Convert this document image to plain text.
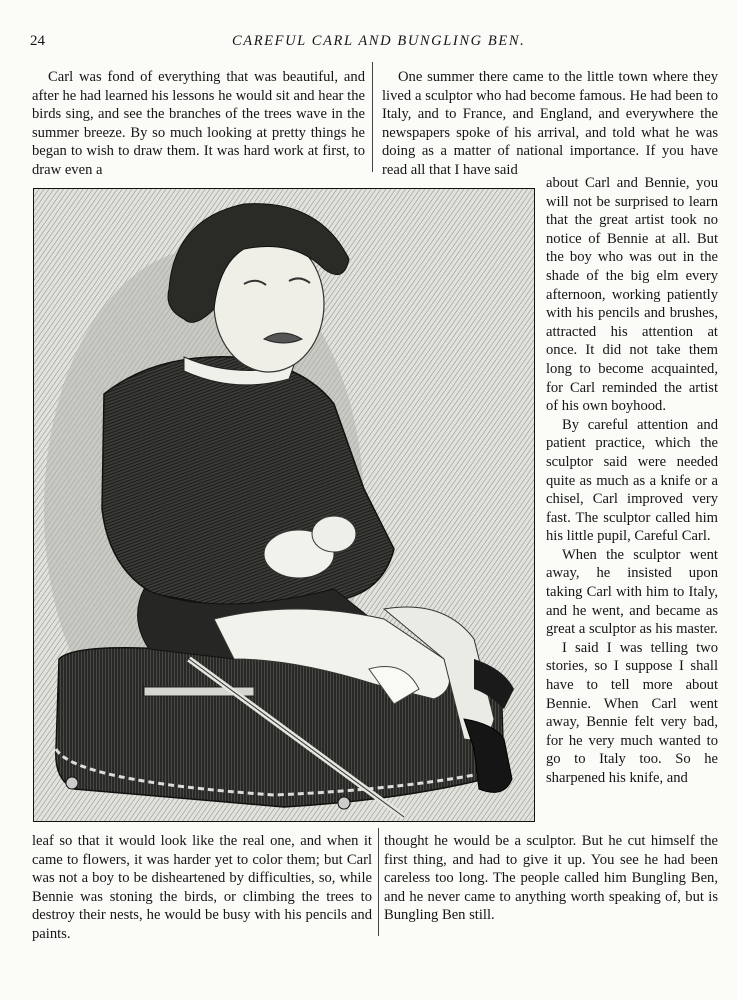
24	CAREFUL CARL AND BUNGLING BEN.

Carl was fond of everything that was beautiful, and after he had learned his lessons he would sit and hear the birds sing, and see the branches of the trees wave in the summer breeze. By so much looking at pretty things he began to wish to draw them. It was hard work at first, to draw even a

One summer there came to the little town where they lived a sculptor who had become famous. He had been to Italy, and to France, and England, and everywhere the newspapers spoke of his arrival, and told what he was doing as a matter of national importance. If you have read all that I have said

about Carl and Bennie, you will not be surprised to learn that the great artist took no notice of Bennie at all. But the boy who was out in the shade of the big elm every afternoon, working patiently with his pencils and brushes, attracted his attention at once. It did not take them long to become acquainted, for Carl reminded the artist of his own boyhood.

By careful attention and patient practice, which the sculptor said were needed quite as much as a knife or a chisel, Carl improved very fast. The sculptor called him his little pupil, Careful Carl.

When the sculptor went away, he insisted upon taking Carl with him to Italy, and he went, and became as great a sculptor as his master.

I said I was telling two stories, so I suppose I shall have to tell more about Bennie. When Carl went away, Bennie felt very bad, for he very much wanted to go to Italy too. So he sharpened his knife, and

leaf so that it would look like the real one, and when it came to flowers, it was harder yet to color them; but Carl was not a boy to be disheartened by difficulties, so, while Bennie was stoning the birds, or climbing the trees to destroy their nests, he would be busy with his pencils and paints.

thought he would be a sculptor. But he cut himself the first thing, and had to give it up. You see he had been careless too long. The people called him Bungling Ben, and he never came to anything worth speaking of, but is Bungling Ben still.
